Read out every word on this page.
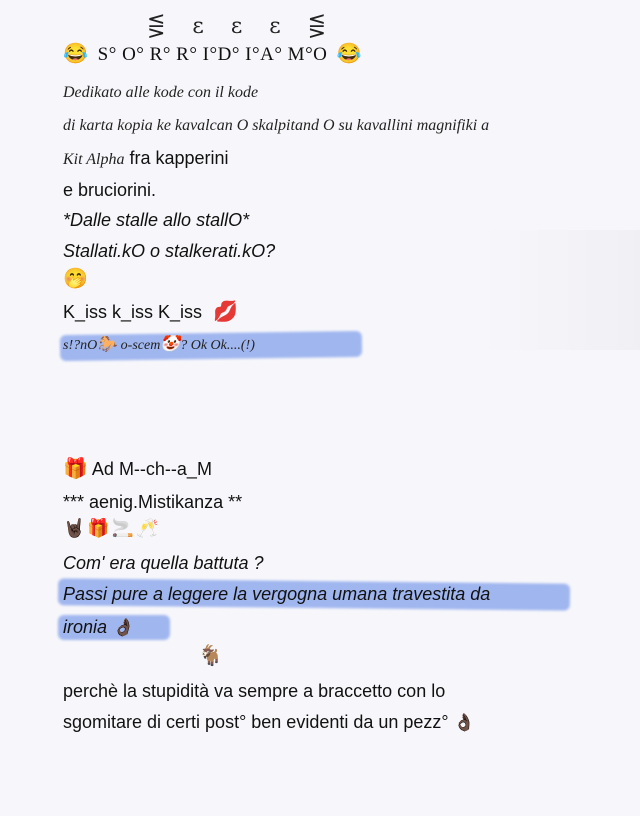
⋚ ε ε ε ⋚
😂 S° O° R° R° I°D° I°A° M°O 😂
Dedikato alle kode con il kode
di karta kopia ke kavalcan O skalpitand O su kavallini magnifiki a
Kit Alpha fra kapperini
e bruciorini.
*Dalle stalle allo stallO*
Stallati.kO o stalkerati.kO?
🤭
K_iss k_iss K_iss 💋
s!?nO🐎 o-scem🤡? Ok Ok....(!)
🎁 Ad M--ch--a_M
*** aenig.Mistikanza **
🤘🏿🎁🚬🥂
Com' era quella battuta ?
Passi pure a leggere la vergogna umana travestita da
ironia 👌🏿
🐐
perchè la stupidità va sempre a braccetto con lo
sgomitare di certi post° ben evidenti da un pezz° 👌🏿
